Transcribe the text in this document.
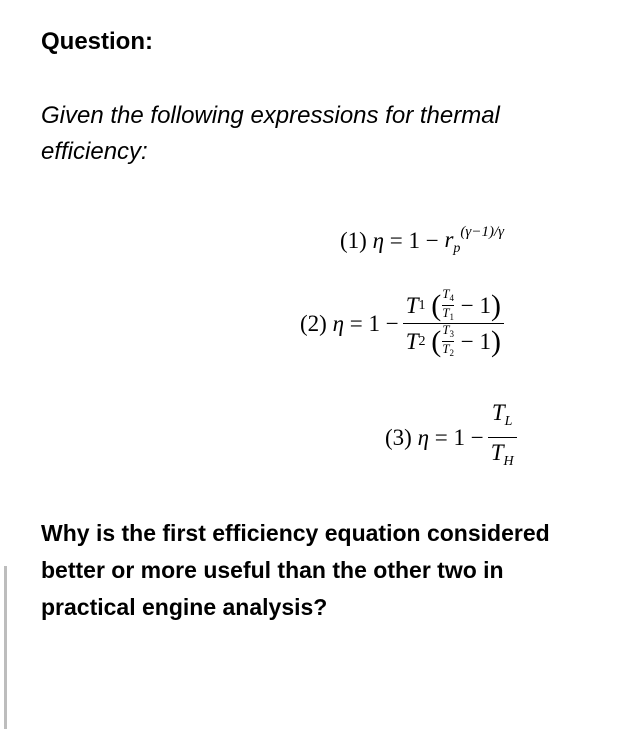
Question:
Given the following expressions for thermal efficiency:
(1)
η
=
1
−
$r_p^{(\gamma-1)/\gamma}$
(2)
η
=
1
−
T 1
( $T_4$
$T_1$
− 1 )
T 2
( $T_3$
$T_2$
− 1 )
(3)
η
=
1
− $\frac{T_L}{T_H}$
Why is the first efficiency equation considered better or more useful than the other two in practical engine analysis?
